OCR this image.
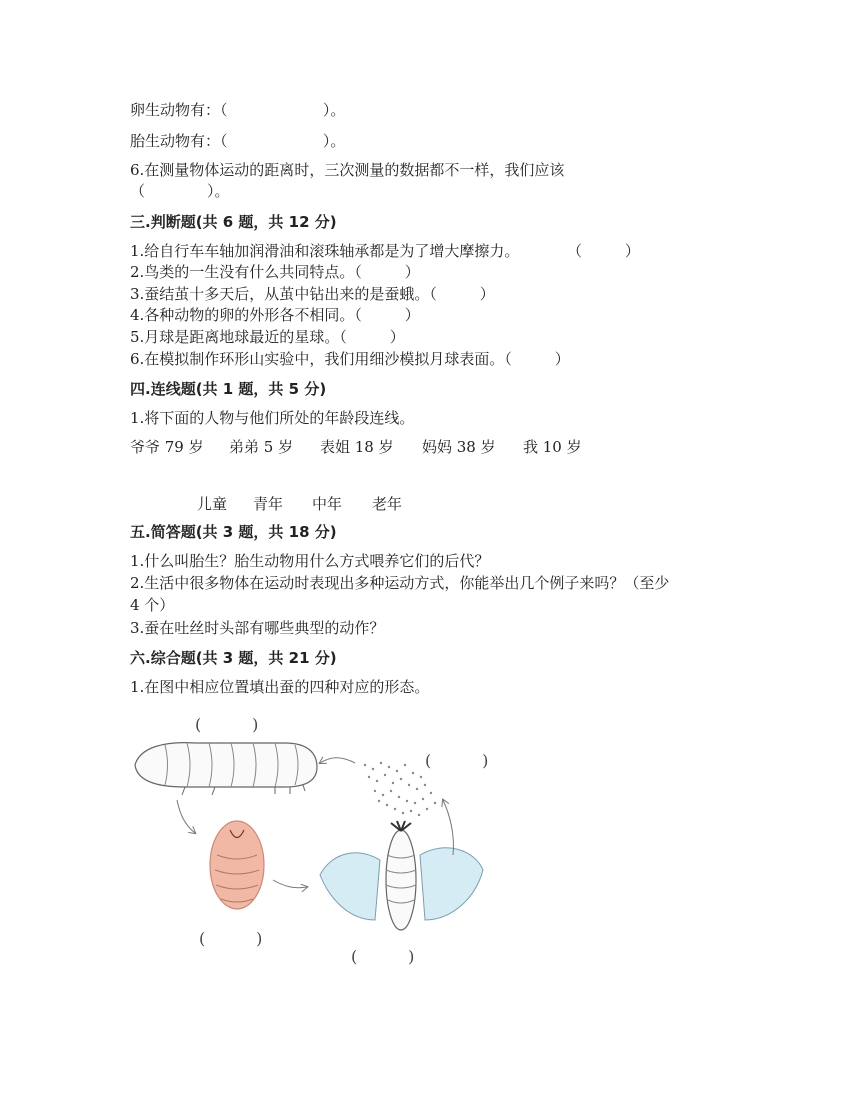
卵生动物有：（                    ）。
胎生动物有：（                    ）。
6.在测量物体运动的距离时，三次测量的数据都不一样，我们应该
（             ）。
三.判断题(共 6 题，共 12 分)
1.给自行车车轴加润滑油和滚珠轴承都是为了增大摩擦力。          （         ）
2.鸟类的一生没有什么共同特点。（         ）
3.蚕结茧十多天后，从茧中钻出来的是蚕蛾。（         ）
4.各种动物的卵的外形各不相同。（         ）
5.月球是距离地球最近的星球。（         ）
6.在模拟制作环形山实验中，我们用细沙模拟月球表面。（         ）
四.连线题(共 1 题，共 5 分)
1.将下面的人物与他们所处的年龄段连线。

爷爷 79 岁

弟弟 5 岁

表姐 18 岁

妈妈 38 岁

我 10 岁

儿童

青年

中年

老年

五.简答题(共 3 题，共 18 分)
1.什么叫胎生？胎生动物用什么方式喂养它们的后代？
2.生活中很多物体在运动时表现出多种运动方式，你能举出几个例子来吗？（至少
4 个）
3.蚕在吐丝时头部有哪些典型的动作？
六.综合题(共 3 题，共 21 分)
1.在图中相应位置填出蚕的四种对应的形态。
(          )
(          )
(          )
(          )
